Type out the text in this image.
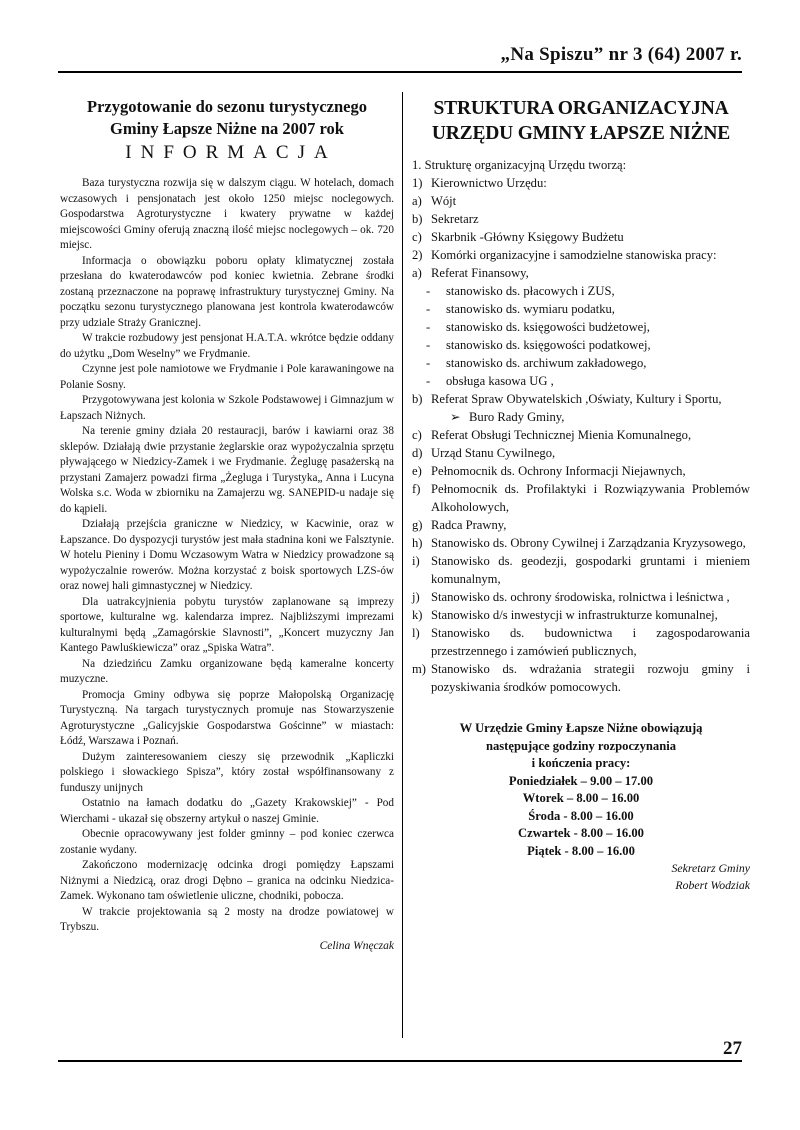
„Na Spiszu” nr 3 (64) 2007 r.
Przygotowanie do sezonu turystycznego
Gminy Łapsze Niżne na 2007 rok
INFORMACJA

Baza turystyczna rozwija się w dalszym ciągu. W hotelach, domach wczasowych i pensjonatach jest około 1250 miejsc noclegowych. Gospodarstwa Agroturystyczne i kwatery prywatne w każdej miejscowości Gminy oferują znaczną ilość miejsc noclegowych – ok. 720 miejsc.

Informacja o obowiązku poboru opłaty klimatycznej została przesłana do kwaterodawców pod koniec kwietnia. Zebrane środki zostaną przeznaczone na poprawę infrastruktury turystycznej Gminy. Na początku sezonu turystycznego planowana jest kontrola kwaterodawców przy udziale Straży Granicznej.

W trakcie rozbudowy jest pensjonat H.A.T.A. wkrótce będzie oddany do użytku „Dom Weselny” we Frydmanie.

Czynne jest pole namiotowe we Frydmanie i Pole karawaningowe na Polanie Sosny.

Przygotowywana jest kolonia w Szkole Podstawowej i Gimnazjum w Łapszach Niżnych.

Na terenie gminy działa 20 restauracji, barów i kawiarni oraz 38 sklepów. Działają dwie przystanie żeglarskie oraz wypożyczalnia sprzętu pływającego w Niedzicy-Zamek i we Frydmanie. Żeglugę pasażerską na przystani Zamajerz powadzi firma „Żegluga i Turystyka„ Anna i Lucyna Wolska s.c. Woda w zbiorniku na Zamajerzu wg. SANEPID-u nadaje się do kąpieli.

Działają przejścia graniczne w Niedzicy, w Kacwinie, oraz w Łapszance. Do dyspozycji turystów jest mała stadnina koni we Falsztynie. W hotelu Pieniny i Domu Wczasowym Watra w Niedzicy prowadzone są wypożyczalnie rowerów. Można korzystać z boisk sportowych LZS-ów oraz nowej hali gimnastycznej w Niedzicy.

Dla uatrakcyjnienia pobytu turystów zaplanowane są imprezy sportowe, kulturalne wg. kalendarza imprez. Najbliższymi imprezami kulturalnymi będą „Zamagórskie Slavnosti”, „Koncert muzyczny Jan Kantego Pawluśkiewicza” oraz „Spiska Watra”.

Na dziedzińcu Zamku organizowane będą kameralne koncerty muzyczne.

Promocja Gminy odbywa się poprze Małopolską Organizację Turystyczną. Na targach turystycznych promuje nas Stowarzyszenie Agroturystyczne „Galicyjskie Gospodarstwa Gościnne” w miastach: Łódź, Warszawa i Poznań.

Dużym zainteresowaniem cieszy się przewodnik „Kapliczki polskiego i słowackiego Spisza”, który został współfinansowany z funduszy unijnych

Ostatnio na łamach dodatku do „Gazety Krakowskiej” - Pod Wierchami - ukazał się obszerny artykuł o naszej Gminie.

Obecnie opracowywany jest folder gminny – pod koniec czerwca zostanie wydany.

Zakończono modernizację odcinka drogi pomiędzy Łapszami Niżnymi a Niedzicą, oraz drogi Dębno – granica na odcinku Niedzica- Zamek. Wykonano tam oświetlenie uliczne, chodniki, pobocza.

W trakcie projektowania są 2 mosty na drodze powiatowej w Trybszu.

Celina Wnęczak
STRUKTURA ORGANIZACYJNA
URZĘDU GMINY ŁAPSZE NIŻNE
1. Strukturę organizacyjną Urzędu tworzą:
1) Kierownictwo Urzędu:
a) Wójt
b) Sekretarz
c) Skarbnik -Główny Księgowy Budżetu
2) Komórki organizacyjne i samodzielne stanowiska pracy:
a) Referat Finansowy,
-	stanowisko ds. płacowych i ZUS,
-	stanowisko ds. wymiaru podatku,
-	stanowisko ds. księgowości budżetowej,
-	stanowisko ds. księgowości podatkowej,
-	stanowisko ds. archiwum zakładowego,
-	obsługa kasowa UG ,
b) Referat Spraw Obywatelskich ,Oświaty, Kultury i Sportu,
➢ Buro Rady Gminy,
c) Referat Obsługi Technicznej Mienia Komunalnego,
d) Urząd Stanu Cywilnego,
e) Pełnomocnik ds. Ochrony Informacji Niejawnych,
f) Pełnomocnik ds. Profilaktyki i Rozwiązywania Problemów Alkoholowych,
g) Radca Prawny,
h) Stanowisko ds. Obrony Cywilnej i Zarządzania Kryzysowego,
i) Stanowisko ds. geodezji, gospodarki gruntami i mieniem komunalnym,
j) Stanowisko ds. ochrony środowiska, rolnictwa i leśnictwa ,
k) Stanowisko d/s inwestycji w infrastrukturze komunalnej,
l) Stanowisko ds. budownictwa i zagospodarowania przestrzennego i zamówień publicznych,
m) Stanowisko ds. wdrażania strategii rozwoju gminy i pozyskiwania środków pomocowych.
W Urzędzie Gminy Łapsze Niżne obowiązują
następujące godziny rozpoczynania
i kończenia pracy:
Poniedziałek – 9.00 – 17.00
Wtorek – 8.00 – 16.00
Środa - 8.00 – 16.00
Czwartek - 8.00 – 16.00
Piątek - 8.00 – 16.00
Sekretarz Gminy
Robert Wodziak
27
